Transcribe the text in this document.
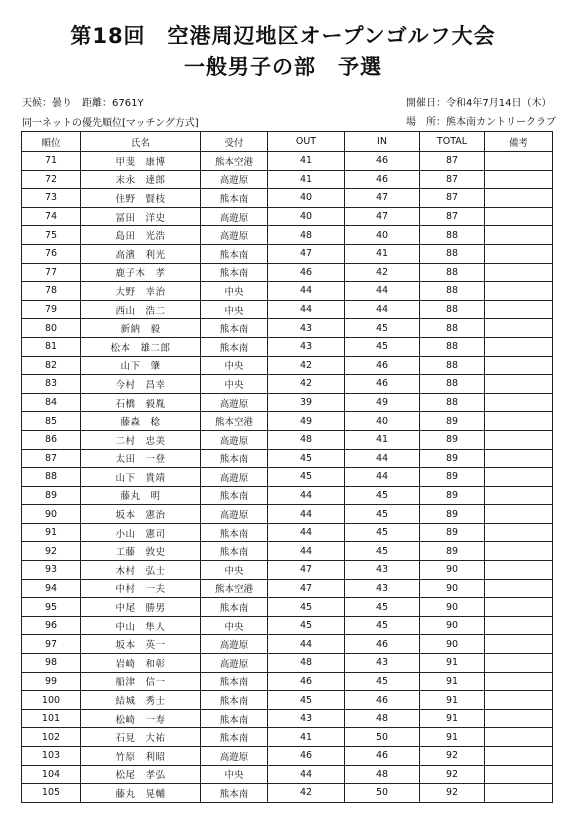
第18回　空港周辺地区オープンゴルフ大会
一般男子の部　予選
天候：曇り 距離：6761Y
同一ネットの優先順位[マッチング方式]
開催日：令和4年7月14日（木）
場　所：熊本南カントリークラブ
順位	氏名	受付	OUT	IN	TOTAL	備考
71	甲斐　康博	熊本空港	41	46	87	
72	末永　達郎	高遊原	41	46	87	
73	住野　賢枝	熊本南	40	47	87	
74	冨田　洋史	高遊原	40	47	87	
75	島田　光浩	高遊原	48	40	88	
76	高濱　利光	熊本南	47	41	88	
77	鹿子木　孝	熊本南	46	42	88	
78	大野　幸治	中央	44	44	88	
79	西山　浩二	中央	44	44	88	
80	新納　毅	熊本南	43	45	88	
81	松本　雄二郎	熊本南	43	45	88	
82	山下　肇	中央	42	46	88	
83	今村　昌幸	中央	42	46	88	
84	石橋　毅胤	高遊原	39	49	88	
85	藤森　稔	熊本空港	49	40	89	
86	二村　忠美	高遊原	48	41	89	
87	太田　一登	熊本南	45	44	89	
88	山下　貴靖	高遊原	45	44	89	
89	藤丸　明	熊本南	44	45	89	
90	坂本　憲治	高遊原	44	45	89	
91	小山　憲司	熊本南	44	45	89	
92	工藤　敦史	熊本南	44	45	89	
93	木村　弘士	中央	47	43	90	
94	中村　一夫	熊本空港	47	43	90	
95	中尾　勝男	熊本南	45	45	90	
96	中山　隼人	中央	45	45	90	
97	坂本　英一	高遊原	44	46	90	
98	岩崎　和彰	高遊原	48	43	91	
99	船津　信一	熊本南	46	45	91	
100	結城　秀士	熊本南	45	46	91	
101	松崎　一寿	熊本南	43	48	91	
102	石見　大祐	熊本南	41	50	91	
103	竹原　利昭	高遊原	46	46	92	
104	松尾　孝弘	中央	44	48	92	
105	藤丸　晃輔	熊本南	42	50	92	
